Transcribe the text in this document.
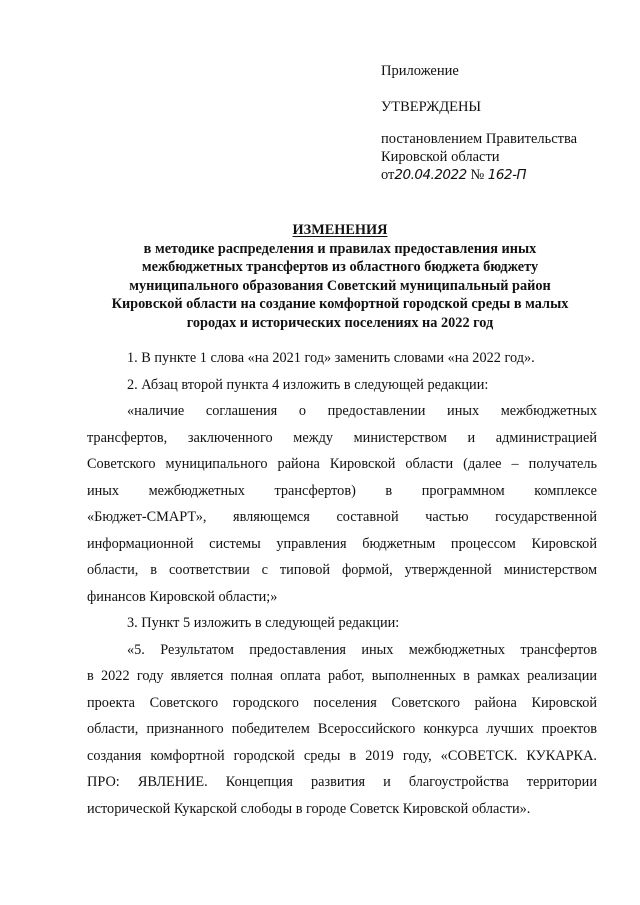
Приложение
УТВЕРЖДЕНЫ
постановлением Правительства
Кировской области
от20.04.2022 № 162-П
ИЗМЕНЕНИЯ
в методике распределения и правилах предоставления иных
межбюджетных трансфертов из областного бюджета бюджету
муниципального образования Советский муниципальный район
Кировской области на создание комфортной городской среды в малых
городах и исторических поселениях на 2022 год
1. В пункте 1 слова «на 2021 год» заменить словами «на 2022 год».
2. Абзац второй пункта 4 изложить в следующей редакции:
«наличие соглашения о предоставлении иных межбюджетных
трансфертов, заключенного между министерством и администрацией
Советского муниципального района Кировской области (далее – получатель
иных межбюджетных трансфертов) в программном комплексе
«Бюджет-СМАРТ», являющемся составной частью государственной
информационной системы управления бюджетным процессом Кировской
области, в соответствии с типовой формой, утвержденной министерством
финансов Кировской области;»
3. Пункт 5 изложить в следующей редакции:
«5. Результатом предоставления иных межбюджетных трансфертов
в 2022 году является полная оплата работ, выполненных в рамках реализации
проекта Советского городского поселения Советского района Кировской
области, признанного победителем Всероссийского конкурса лучших проектов
создания комфортной городской среды в 2019 году, «СОВЕТСК. КУКАРКА.
ПРО: ЯВЛЕНИЕ. Концепция развития и благоустройства территории
исторической Кукарской слободы в городе Советск Кировской области».
